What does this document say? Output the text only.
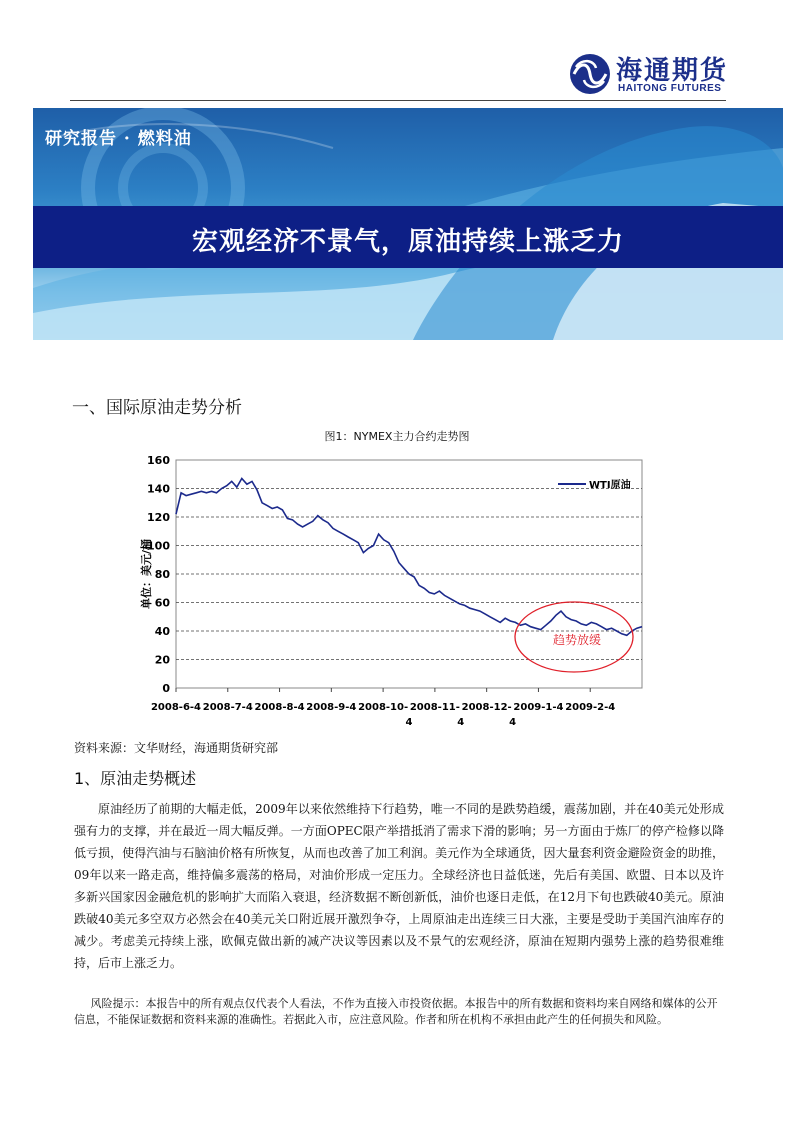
海通期货
HAITONG FUTURES
研究报告 · 燃料油
宏观经济不景气，原油持续上涨乏力
一、国际原油走势分析
图1：NYMEX主力合约走势图
0
20
40
60
80
100
120
140
160
2008-6-4 2008-7-4 2008-8-4 2008-9-4 2008-10-
4
2008-11-
4
2008-12-
4
2009-1-4 2009-2-4
单位：美元/桶
WTI原油
趋势放缓
资料来源：文华财经，海通期货研究部
1、原油走势概述

原油经历了前期的大幅走低，2009年以来依然维持下行趋势，唯一不同的是跌势趋缓，震荡加剧，并在40美元处形成强有力的支撑，并在最近一周大幅反弹。一方面OPEC限产举措抵消了需求下滑的影响；另一方面由于炼厂的停产检修以降低亏损，使得汽油与石脑油价格有所恢复，从而也改善了加工利润。美元作为全球通货，因大量套利资金避险资金的助推，09年以来一路走高，维持偏多震荡的格局，对油价形成一定压力。全球经济也日益低迷，先后有美国、欧盟、日本以及许多新兴国家因金融危机的影响扩大而陷入衰退，经济数据不断创新低，油价也逐日走低，在12月下旬也跌破40美元。原油跌破40美元多空双方必然会在40美元关口附近展开激烈争夺，上周原油走出连续三日大涨，主要是受助于美国汽油库存的减少。考虑美元持续上涨，欧佩克做出新的减产决议等因素以及不景气的宏观经济，原油在短期内强势上涨的趋势很难维持，后市上涨乏力。

风险提示：本报告中的所有观点仅代表个人看法，不作为直接入市投资依据。本报告中的所有数据和资料均来自网络和媒体的公开信息，不能保证数据和资料来源的准确性。若据此入市，应注意风险。作者和所在机构不承担由此产生的任何损失和风险。
